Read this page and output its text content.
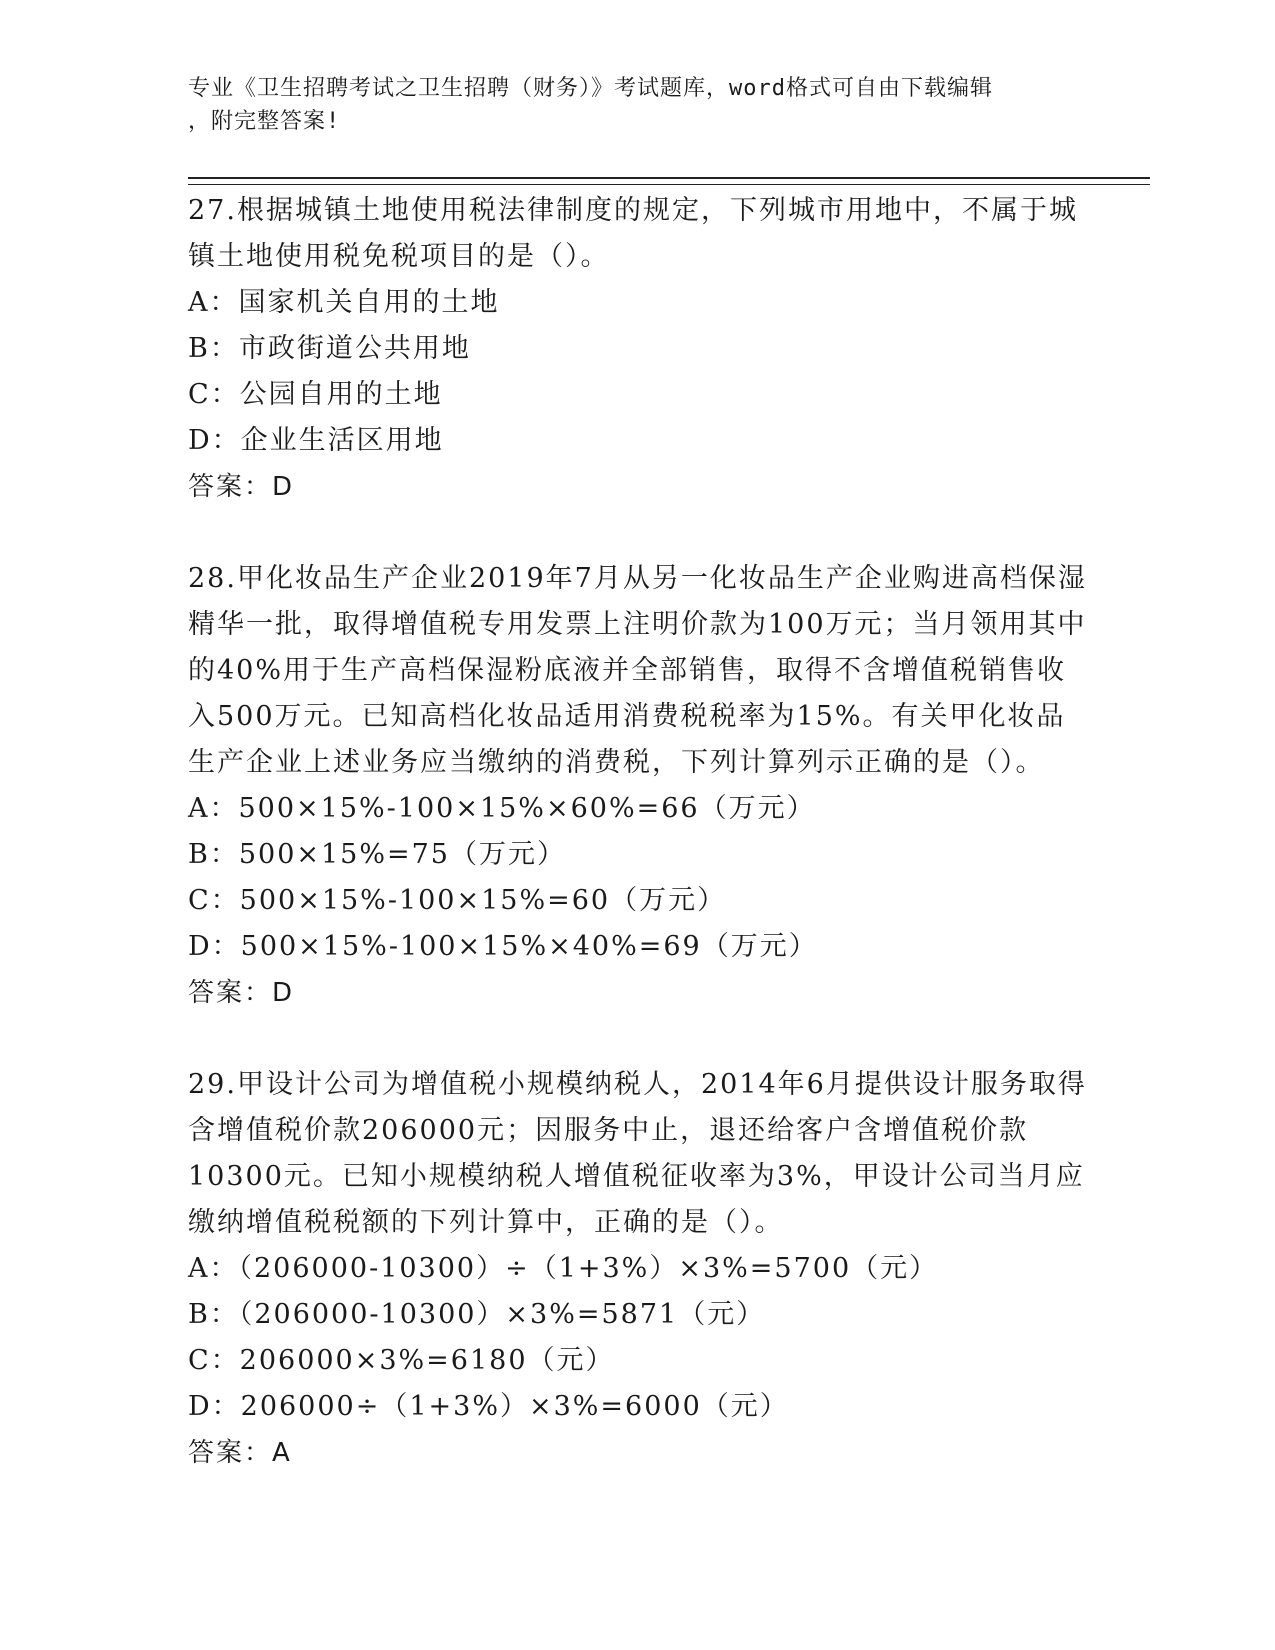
专业《卫生招聘考试之卫生招聘（财务）》考试题库，word格式可自由下载编辑
，附完整答案!

27.根据城镇土地使用税法律制度的规定，下列城市用地中，不属于城镇土地使用税免税项目的是（）。

A：国家机关自用的土地

B：市政街道公共用地

C：公园自用的土地

D：企业生活区用地

答案：D

28.甲化妆品生产企业2019年7月从另一化妆品生产企业购进高档保湿精华一批，取得增值税专用发票上注明价款为100万元；当月领用其中的40%用于生产高档保湿粉底液并全部销售，取得不含增值税销售收入500万元。已知高档化妆品适用消费税税率为15%。有关甲化妆品生产企业上述业务应当缴纳的消费税，下列计算列示正确的是（）。

A：500×15%-100×15%×60%=66（万元）

B：500×15%=75（万元）

C：500×15%-100×15%=60（万元）

D：500×15%-100×15%×40%=69（万元）

答案：D

29.甲设计公司为增值税小规模纳税人，2014年6月提供设计服务取得含增值税价款206000元；因服务中止，退还给客户含增值税价款10300元。已知小规模纳税人增值税征收率为3%，甲设计公司当月应缴纳增值税税额的下列计算中，正确的是（）。

A：（206000-10300）÷（1+3%）×3%=5700（元）

B：（206000-10300）×3%=5871（元）

C：206000×3%=6180（元）

D：206000÷（1+3%）×3%=6000（元）

答案：A
